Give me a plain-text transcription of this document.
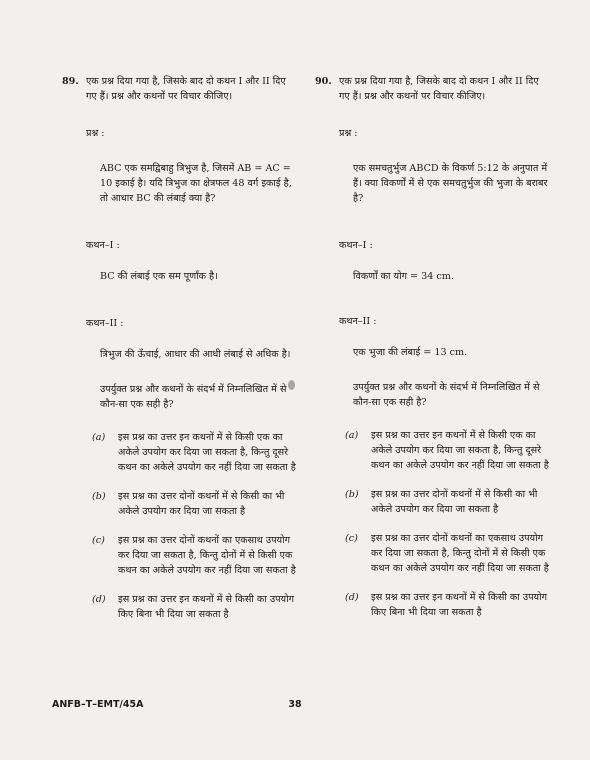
89. एक प्रश्न दिया गया है, जिसके बाद दो कथन I और II दिए गए हैं। प्रश्न और कथनों पर विचार कीजिए।
प्रश्न :
ABC एक समद्विबाहु त्रिभुज है, जिसमें AB = AC = 10 इकाई है। यदि त्रिभुज का क्षेत्रफल 48 वर्ग इकाई है, तो आधार BC की लंबाई क्या है?
कथन–I :
BC की लंबाई एक सम पूर्णांक है।
कथन–II :
त्रिभुज की ऊँचाई, आधार की आधी लंबाई से अधिक है।
उपर्युक्त प्रश्न और कथनों के संदर्भ में निम्नलिखित में से कौन-सा एक सही है?
(a)	इस प्रश्न का उत्तर इन कथनों में से किसी एक का अकेले उपयोग कर दिया जा सकता है, किन्तु दूसरे कथन का अकेले उपयोग कर नहीं दिया जा सकता है
(b)	इस प्रश्न का उत्तर दोनों कथनों में से किसी का भी अकेले उपयोग कर दिया जा सकता है
(c)	इस प्रश्न का उत्तर दोनों कथनों का एकसाथ उपयोग कर दिया जा सकता है, किन्तु दोनों में से किसी एक कथन का अकेले उपयोग कर नहीं दिया जा सकता है
(d)	इस प्रश्न का उत्तर इन कथनों में से किसी का उपयोग किए बिना भी दिया जा सकता है
90. एक प्रश्न दिया गया है, जिसके बाद दो कथन I और II दिए गए हैं। प्रश्न और कथनों पर विचार कीजिए।
प्रश्न :
एक समचतुर्भुज ABCD के विकर्ण 5:12 के अनुपात में हैं। क्या विकर्णों में से एक समचतुर्भुज की भुजा के बराबर है?
कथन–I :
विकर्णों का योग = 34 cm.
कथन–II :
एक भुजा की लंबाई = 13 cm.
उपर्युक्त प्रश्न और कथनों के संदर्भ में निम्नलिखित में से कौन-सा एक सही है?
(a)	इस प्रश्न का उत्तर इन कथनों में से किसी एक का अकेले उपयोग कर दिया जा सकता है, किन्तु दूसरे कथन का अकेले उपयोग कर नहीं दिया जा सकता है
(b)	इस प्रश्न का उत्तर दोनों कथनों में से किसी का भी अकेले उपयोग कर दिया जा सकता है
(c)	इस प्रश्न का उत्तर दोनों कथनों का एकसाथ उपयोग कर दिया जा सकता है, किन्तु दोनों में से किसी एक कथन का अकेले उपयोग कर नहीं दिया जा सकता है
(d)	इस प्रश्न का उत्तर इन कथनों में से किसी का उपयोग किए बिना भी दिया जा सकता है
ANFB–T–EMT/45A	38
